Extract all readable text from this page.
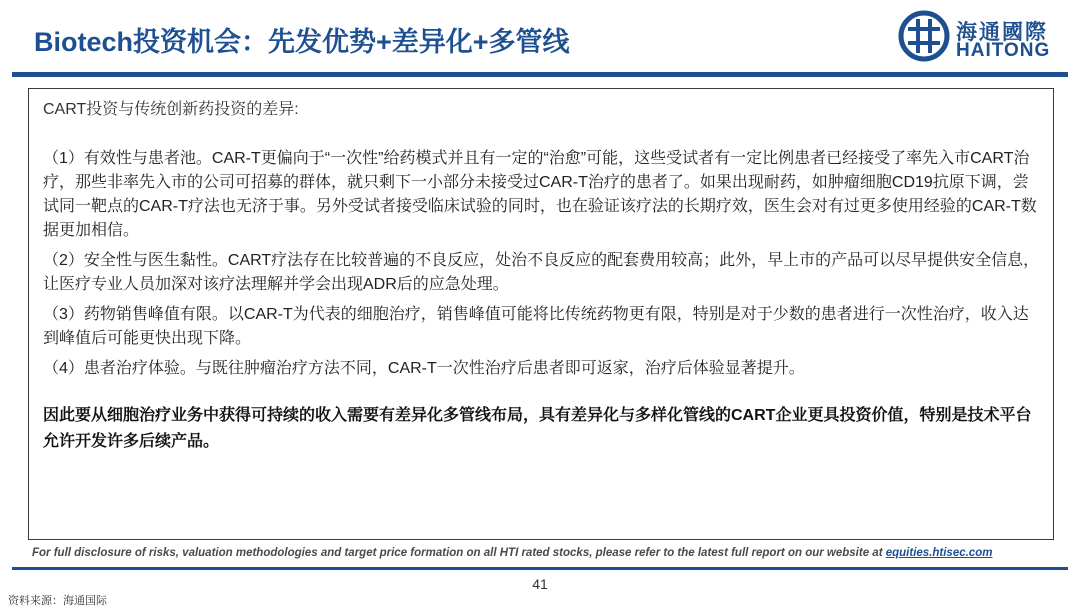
Biotech投资机会：先发优势+差异化+多管线	海通國際
HAITONG
CART投资与传统创新药投资的差异:
（1）有效性与患者池。CAR-T更偏向于“一次性”给药模式并且有一定的“治愈”可能，这些受试者有一定比例患者已经接受了率先入市CART治疗，那些非率先入市的公司可招募的群体，就只剩下一小部分未接受过CAR-T治疗的患者了。如果出现耐药，如肿瘤细胞CD19抗原下调，尝试同一靶点的CAR-T疗法也无济于事。另外受试者接受临床试验的同时，也在验证该疗法的长期疗效，医生会对有过更多使用经验的CAR-T数据更加相信。
（2）安全性与医生黏性。CART疗法存在比较普遍的不良反应，处治不良反应的配套费用较高；此外，早上市的产品可以尽早提供安全信息，让医疗专业人员加深对该疗法理解并学会出现ADR后的应急处理。
（3）药物销售峰值有限。以CAR-T为代表的细胞治疗，销售峰值可能将比传统药物更有限，特别是对于少数的患者进行一次性治疗，收入达到峰值后可能更快出现下降。
（4）患者治疗体验。与既往肿瘤治疗方法不同，CAR-T一次性治疗后患者即可返家，治疗后体验显著提升。
因此要从细胞治疗业务中获得可持续的收入需要有差异化多管线布局，具有差异化与多样化管线的CART企业更具投资价值，特别是技术平台允许开发许多后续产品。
For full disclosure of risks, valuation methodologies and target price formation on all HTI rated stocks, please refer to the latest full report on our website at equities.htisec.com
41
资料来源：海通国际
